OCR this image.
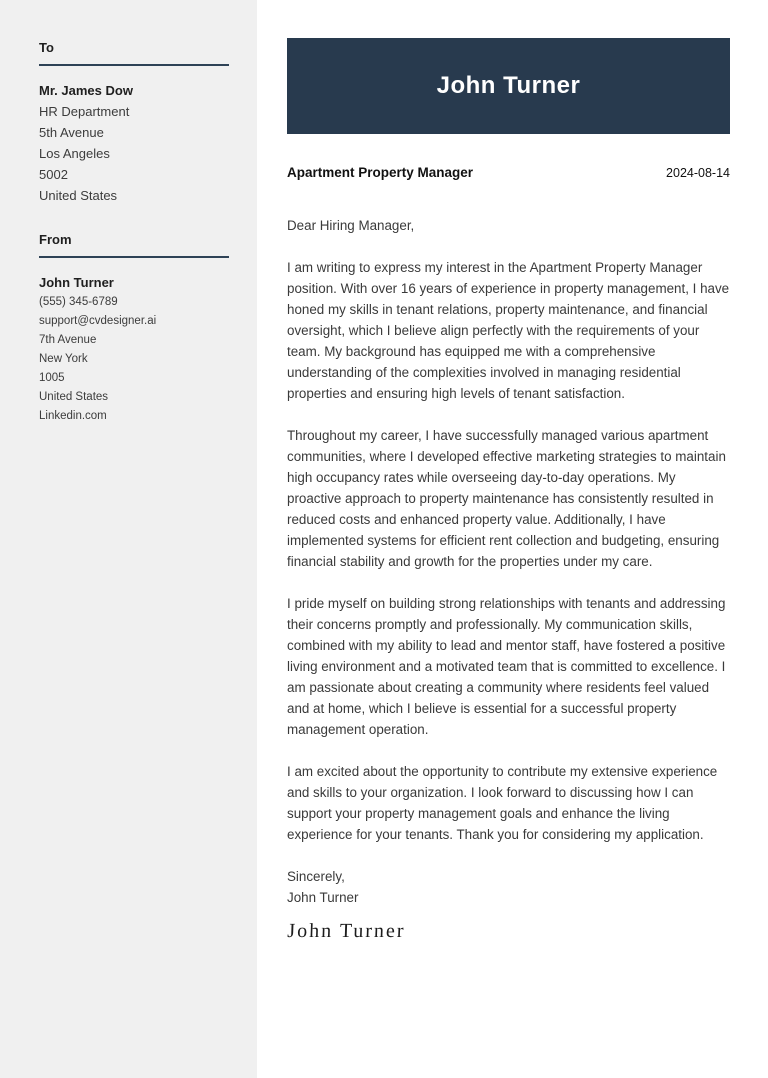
To
Mr. James Dow
HR Department
5th Avenue
Los Angeles
5002
United States
From
John Turner
(555) 345-6789
support@cvdesigner.ai
7th Avenue
New York
1005
United States
Linkedin.com
John Turner
Apartment Property Manager	2024-08-14

Dear Hiring Manager,

I am writing to express my interest in the Apartment Property Manager position. With over 16 years of experience in property management, I have honed my skills in tenant relations, property maintenance, and financial oversight, which I believe align perfectly with the requirements of your team. My background has equipped me with a comprehensive understanding of the complexities involved in managing residential properties and ensuring high levels of tenant satisfaction.

Throughout my career, I have successfully managed various apartment communities, where I developed effective marketing strategies to maintain high occupancy rates while overseeing day-to-day operations. My proactive approach to property maintenance has consistently resulted in reduced costs and enhanced property value. Additionally, I have implemented systems for efficient rent collection and budgeting, ensuring financial stability and growth for the properties under my care.

I pride myself on building strong relationships with tenants and addressing their concerns promptly and professionally. My communication skills, combined with my ability to lead and mentor staff, have fostered a positive living environment and a motivated team that is committed to excellence. I am passionate about creating a community where residents feel valued and at home, which I believe is essential for a successful property management operation.

I am excited about the opportunity to contribute my extensive experience and skills to your organization. I look forward to discussing how I can support your property management goals and enhance the living experience for your tenants. Thank you for considering my application.

Sincerely,
John Turner
John Turner
